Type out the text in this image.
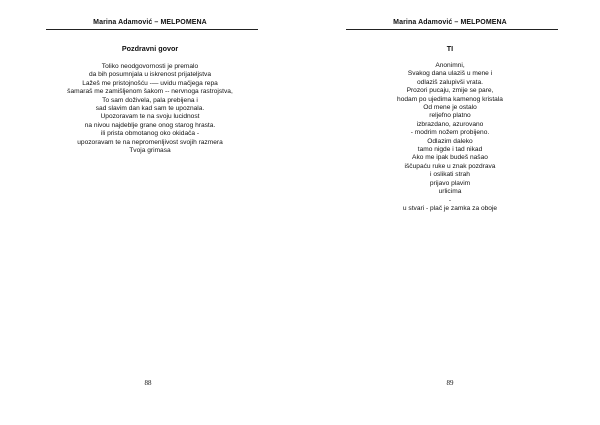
Marina Adamović – MELPOMENA
Pozdravni govor
Toliko neodgovornosti je premalo
da bih posumnjala u iskrenost prijateljstva
Lažeš me pristojnošću -— uvidu mačjega repa
šamaraš me zamišljenom šakom -- nervnoga rastrojstva,
To sam doživela, pala prebijena i
sad slavim dan kad sam te upoznala.
Upozoravam te na svoju lucidnost
na nivou najdeblje grane onog starog hrasta.
ili prista obmotanog oko okidača -
upozoravam te na nepromenljivost svojih razmera
Tvoja grimasa
88
Marina Adamović – MELPOMENA
TI
Anonimni,
Svakog dana ulaziš u mene i
odlaziš zalupivši vrata.
Prozori pucaju, zmije se pare,
hodam po ujedima kamenog kristala
Od mene je ostalo
reljefno platno
izbrazdano, azurovano
- modrim nožem probijeno.
Odlazim daleko
tamo nigde i tad nikad
Ako me ipak budeš našao
iščupaću ruke u znak pozdrava
i oslikati strah
prijavo plavim
urlicima
-
u stvari - plač je zamka za oboje
89
